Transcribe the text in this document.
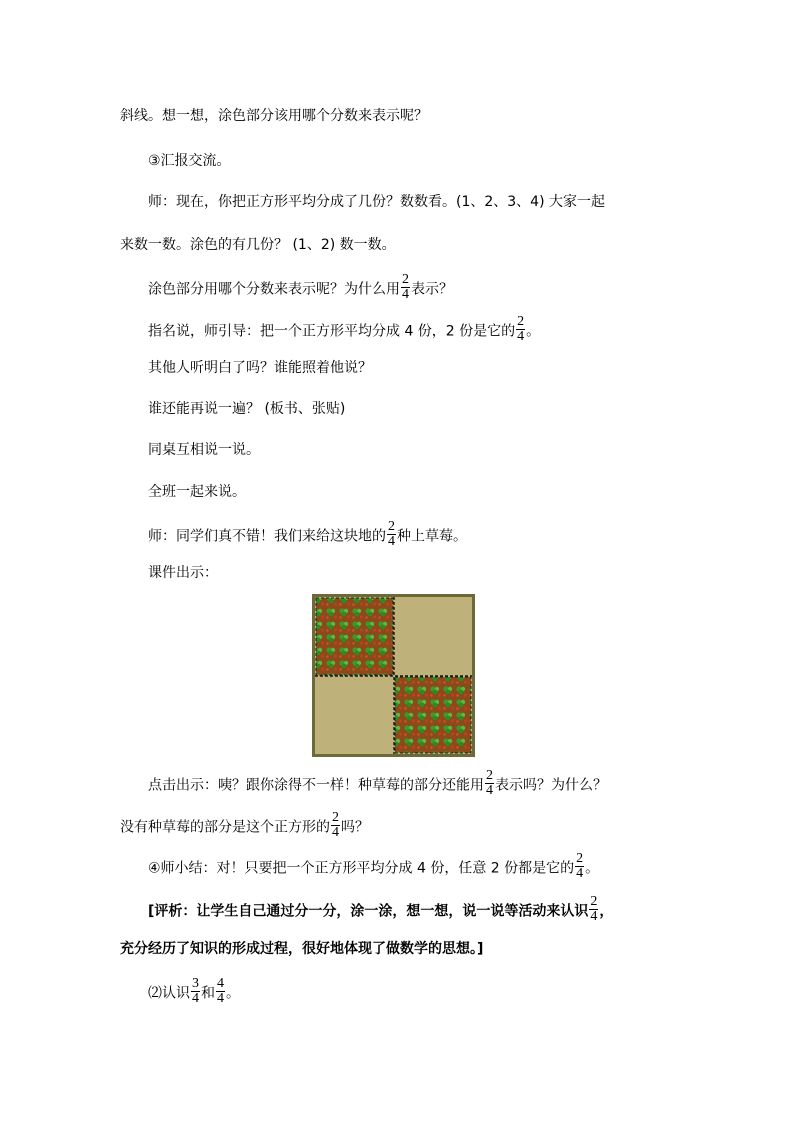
斜线。想一想，涂色部分该用哪个分数来表示呢？
③汇报交流。
师：现在，你把正方形平均分成了几份？数数看。(1、2、3、4) 大家一起
来数一数。涂色的有几份？ (1、2) 数一数。
涂色部分用哪个分数来表示呢？为什么用 $\frac{2}{4}$ 表示？
指名说，师引导：把一个正方形平均分成 4 份，2 份是它的 $\frac{2}{4}$ 。
其他人听明白了吗？谁能照着他说？
谁还能再说一遍？ (板书、张贴)
同桌互相说一说。
全班一起来说。
师：同学们真不错！我们来给这块地的 $\frac{2}{4}$ 种上草莓。
课件出示：
点击出示：咦？跟你涂得不一样！种草莓的部分还能用 $\frac{2}{4}$ 表示吗？为什么？
没有种草莓的部分是这个正方形的 $\frac{2}{4}$ 吗？
④师小结：对！只要把一个正方形平均分成 4 份，任意 2 份都是它的 $\frac{2}{4}$ 。
[评析：让学生自己通过分一分，涂一涂，想一想，说一说等活动来认识 $\frac{2}{4}$ ，
充分经历了知识的形成过程，很好地体现了做数学的思想。]
⑵认识 $\frac{3}{4}$ 和 $\frac{4}{4}$ 。
